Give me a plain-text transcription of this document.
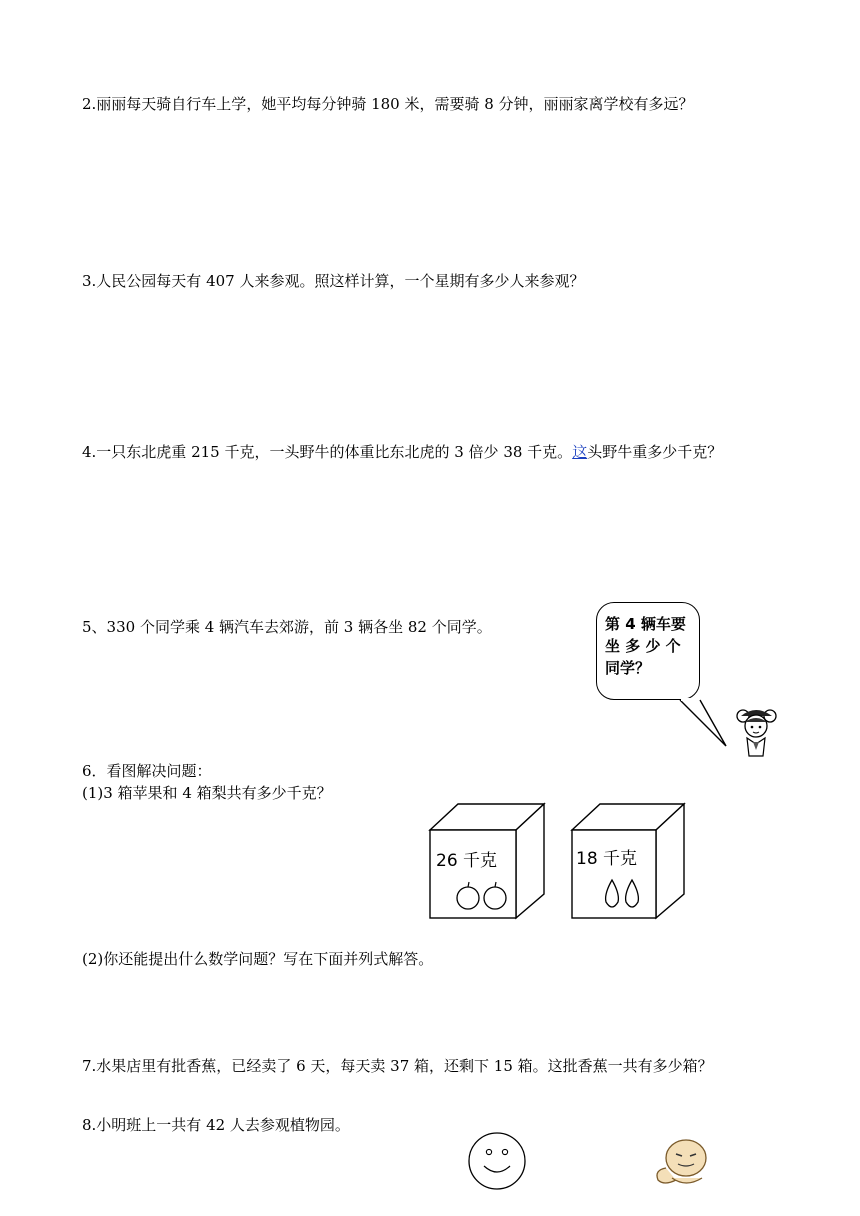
2.丽丽每天骑自行车上学，她平均每分钟骑 180 米，需要骑 8 分钟，丽丽家离学校有多远？
3.人民公园每天有 407 人来参观。照这样计算，一个星期有多少人来参观？
4.一只东北虎重 215 千克，一头野牛的体重比东北虎的 3 倍少 38 千克。这头野牛重多少千克？
5、330 个同学乘 4 辆汽车去郊游，前 3 辆各坐 82 个同学。	第 4 辆车要
坐 多 少 个
同学？
6．看图解决问题：
(1)3 箱苹果和 4 箱梨共有多少千克？
26 千克	18 千克
(2)你还能提出什么数学问题？写在下面并列式解答。
7.水果店里有批香蕉，已经卖了 6 天，每天卖 37 箱，还剩下 15 箱。这批香蕉一共有多少箱？
8.小明班上一共有 42 人去参观植物园。
